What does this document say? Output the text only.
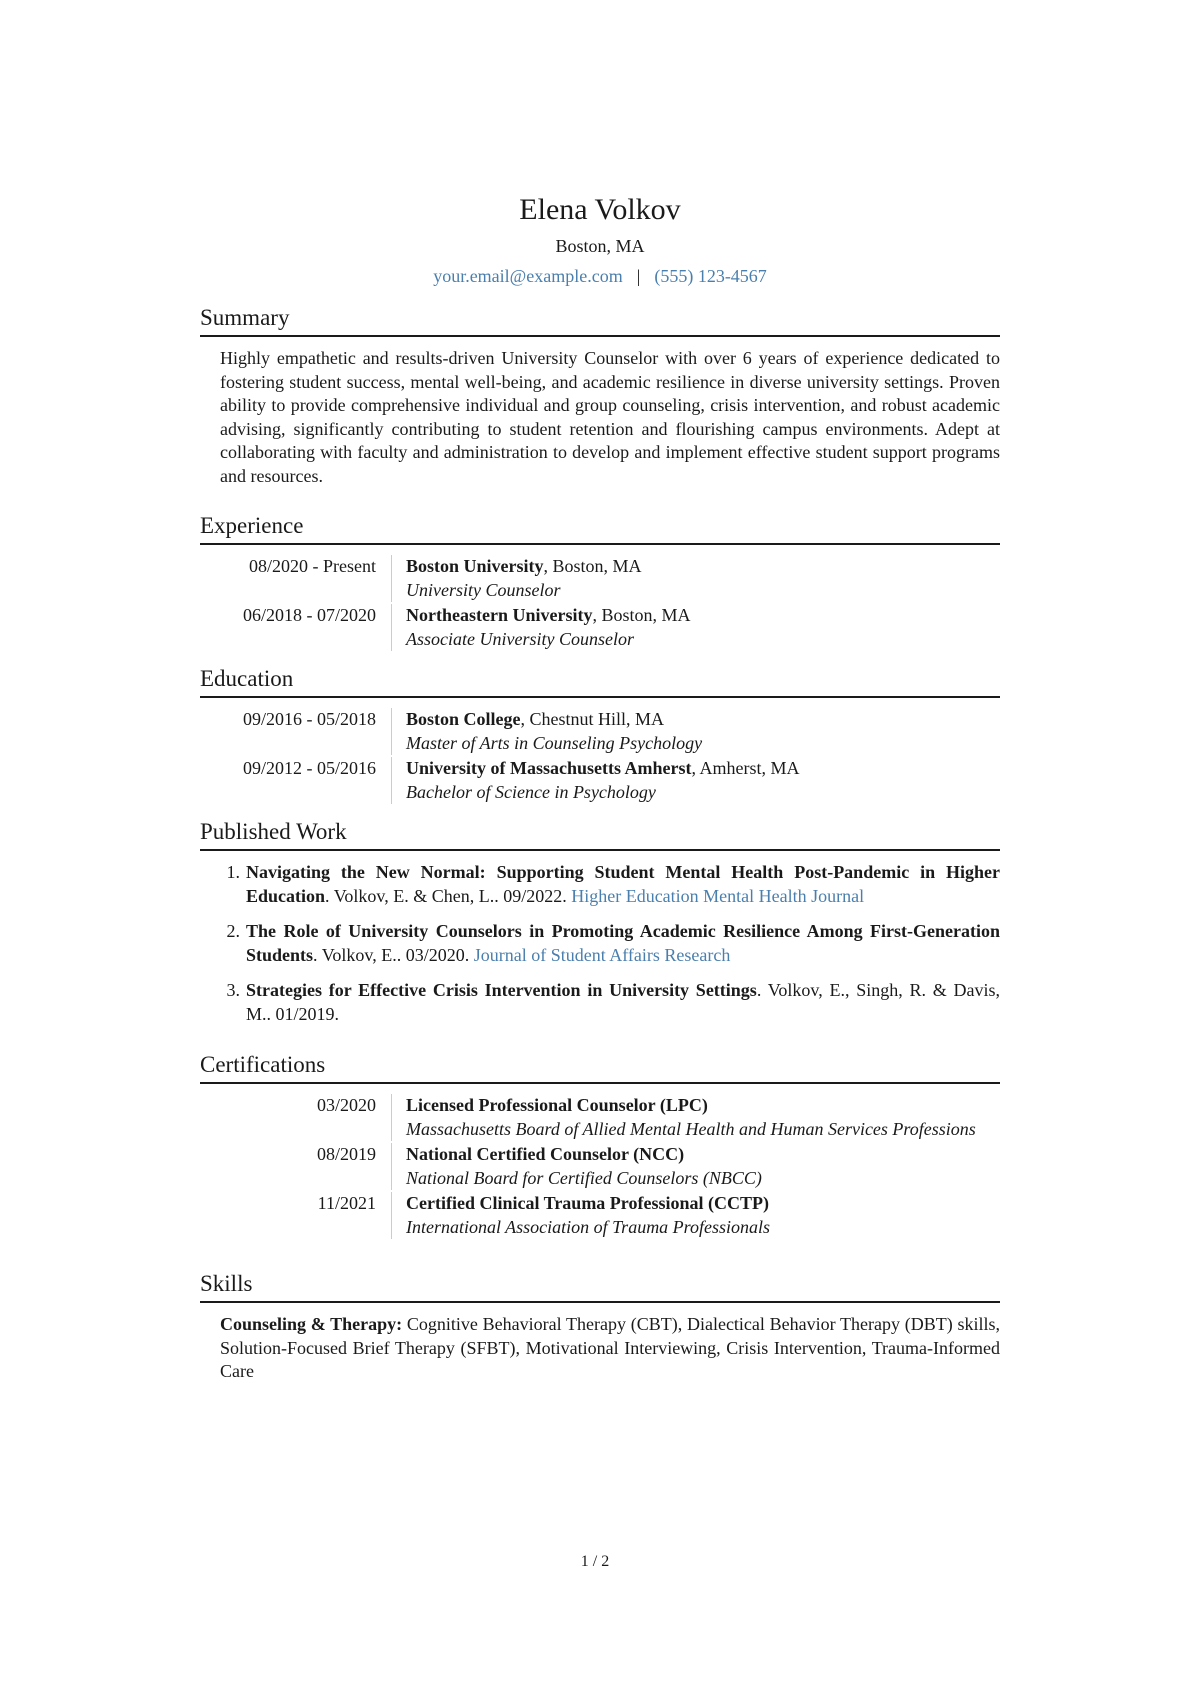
Elena Volkov
Boston, MA
your.email@example.com | (555) 123-4567
Summary

Highly empathetic and results-driven University Counselor with over 6 years of experience dedicated to fostering student success, mental well-being, and academic resilience in diverse university settings. Proven ability to provide comprehensive individual and group counseling, crisis intervention, and robust academic advising, significantly contributing to student retention and flourishing campus environments. Adept at collaborating with faculty and administration to develop and implement effective student support programs and resources.

Experience
08/2020 - Present	Boston University, Boston, MA
University Counselor
06/2018 - 07/2020	Northeastern University, Boston, MA
Associate University Counselor
Education
09/2016 - 05/2018	Boston College, Chestnut Hill, MA
Master of Arts in Counseling Psychology
09/2012 - 05/2016	University of Massachusetts Amherst, Amherst, MA
Bachelor of Science in Psychology
Published Work
1. Navigating the New Normal: Supporting Student Mental Health Post-Pandemic in Higher Education. Volkov, E. & Chen, L.. 09/2022. Higher Education Mental Health Journal
2. The Role of University Counselors in Promoting Academic Resilience Among First-Generation Students. Volkov, E.. 03/2020. Journal of Student Affairs Research
3. Strategies for Effective Crisis Intervention in University Settings. Volkov, E., Singh, R. & Davis, M.. 01/2019.
Certifications
03/2020	Licensed Professional Counselor (LPC)
Massachusetts Board of Allied Mental Health and Human Services Professions
08/2019	National Certified Counselor (NCC)
National Board for Certified Counselors (NBCC)
11/2021	Certified Clinical Trauma Professional (CCTP)
International Association of Trauma Professionals
Skills

Counseling & Therapy: Cognitive Behavioral Therapy (CBT), Dialectical Behavior Therapy (DBT) skills, Solution-Focused Brief Therapy (SFBT), Motivational Interviewing, Crisis Intervention, Trauma-Informed Care

1 / 2
